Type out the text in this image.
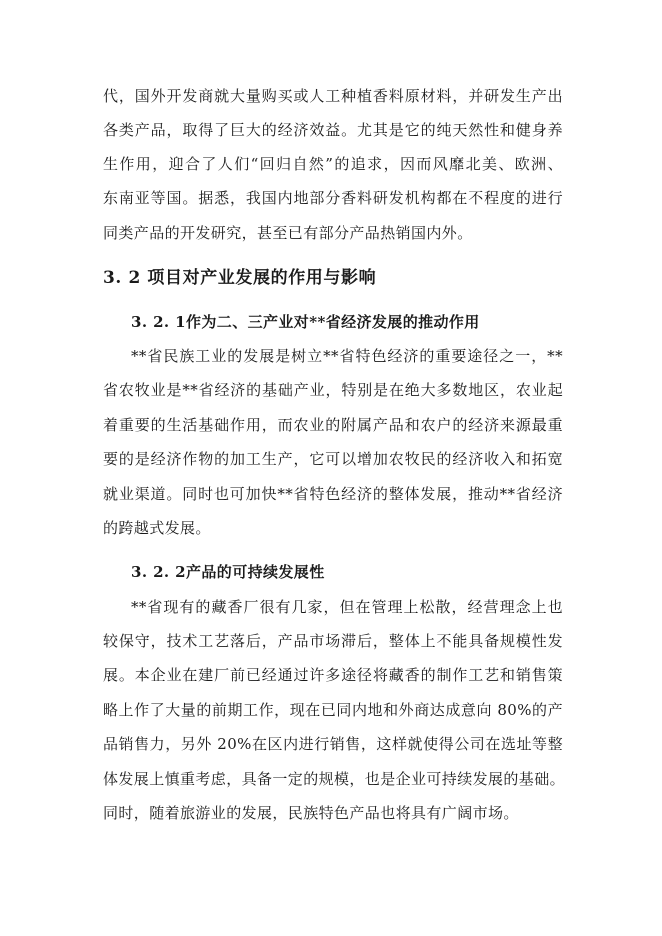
代，国外开发商就大量购买或人工种植香料原材料，并研发生产出
各类产品，取得了巨大的经济效益。尤其是它的纯天然性和健身养
生作用，迎合了人们“回归自然”的追求，因而风靡北美、欧洲、
东南亚等国。据悉，我国内地部分香料研发机构都在不程度的进行
同类产品的开发研究，甚至已有部分产品热销国内外。
3. 2 项目对产业发展的作用与影响
3. 2. 1作为二、三产业对**省经济发展的推动作用
**省民族工业的发展是树立**省特色经济的重要途径之一，**
省农牧业是**省经济的基础产业，特别是在绝大多数地区，农业起
着重要的生活基础作用，而农业的附属产品和农户的经济来源最重
要的是经济作物的加工生产，它可以增加农牧民的经济收入和拓宽
就业渠道。同时也可加快**省特色经济的整体发展，推动**省经济
的跨越式发展。
3. 2. 2产品的可持续发展性
**省现有的藏香厂很有几家，但在管理上松散，经营理念上也
较保守，技术工艺落后，产品市场滞后，整体上不能具备规模性发
展。本企业在建厂前已经通过许多途径将藏香的制作工艺和销售策
略上作了大量的前期工作，现在已同内地和外商达成意向 80%的产
品销售力，另外 20%在区内进行销售，这样就使得公司在选址等整
体发展上慎重考虑，具备一定的规模，也是企业可持续发展的基础。
同时，随着旅游业的发展，民族特色产品也将具有广阔市场。
